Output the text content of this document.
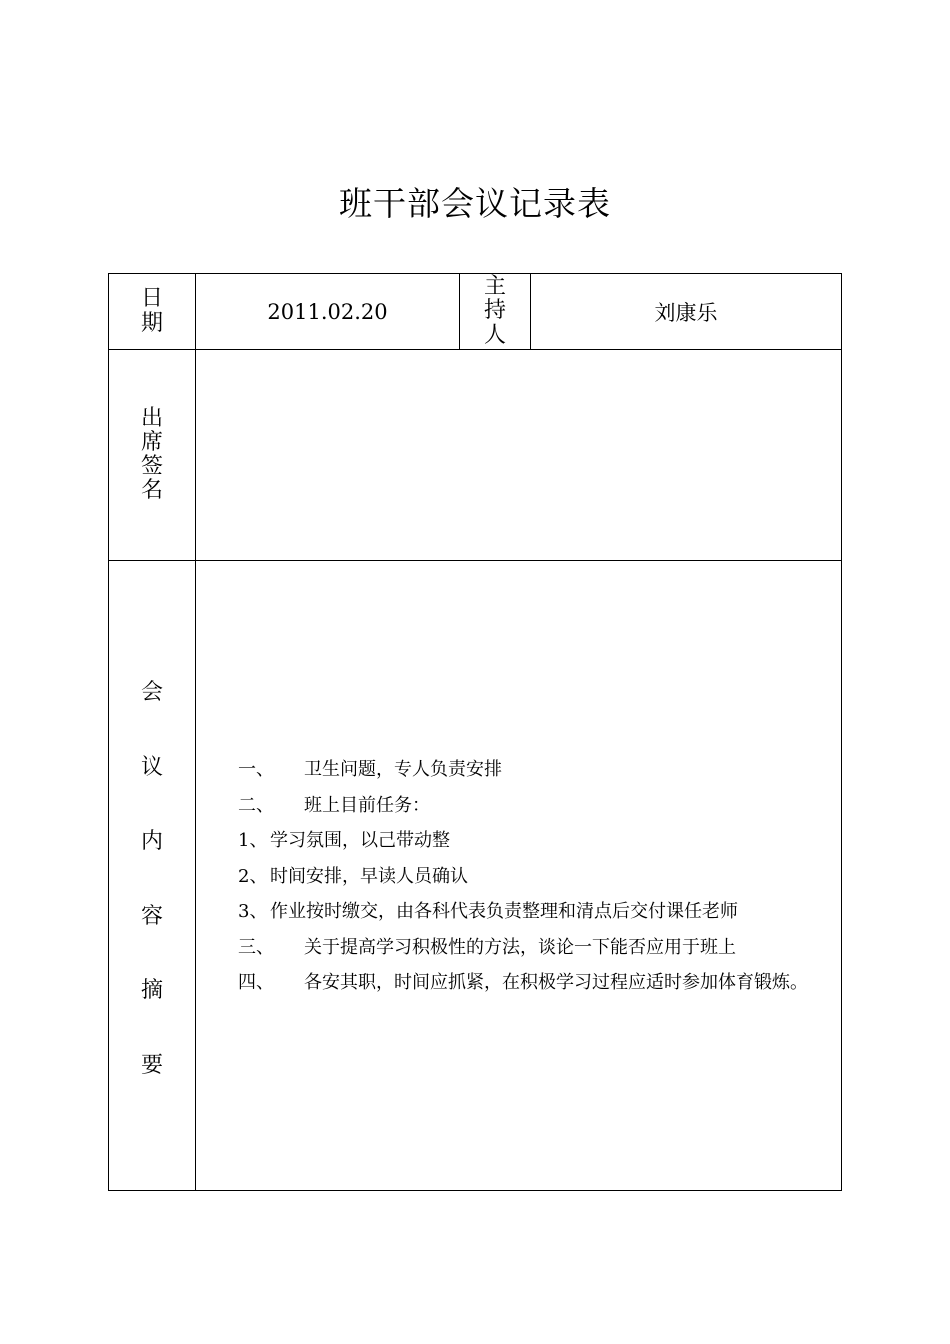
班干部会议记录表
日
期	2011.02.20
主
持
人
刘康乐
出
席
签
名
会
议
内
容
摘
要
一、 卫生问题，专人负责安排
二、 班上目前任务：
1、 学习氛围，以己带动整
2、 时间安排，早读人员确认
3、 作业按时缴交，由各科代表负责整理和清点后交付课任老师
三、 关于提高学习积极性的方法，谈论一下能否应用于班上
四、 各安其职，时间应抓紧，在积极学习过程应适时参加体育锻炼。
